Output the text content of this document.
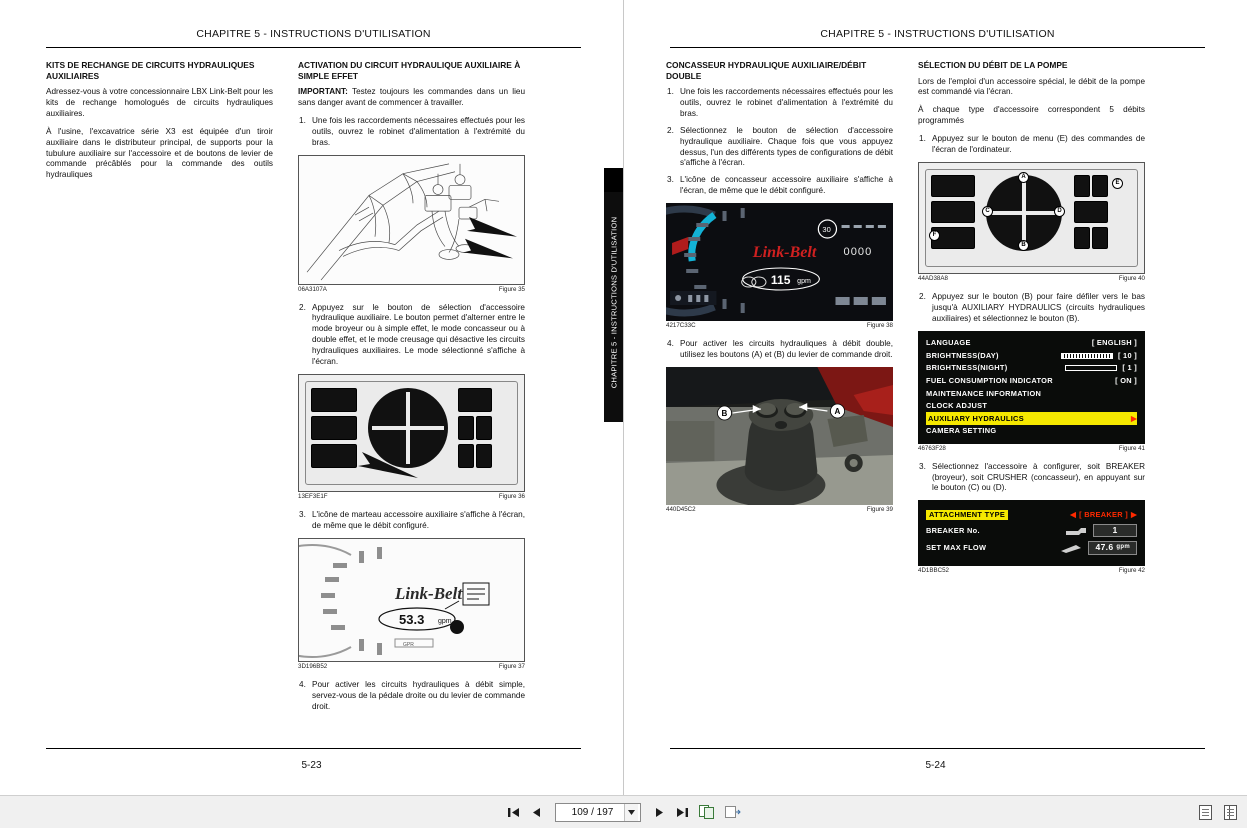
CHAPITRE 5 - INSTRUCTIONS D'UTILISATION
KITS DE RECHANGE DE CIRCUITS HYDRAULIQUES AUXILIAIRES

Adressez-vous à votre concessionnaire LBX Link-Belt pour les kits de rechange homologués de circuits hydrauliques auxiliaires.

À l'usine, l'excavatrice série X3 est équipée d'un tiroir auxiliaire dans le distributeur principal, de supports pour la tubulure auxiliaire sur l'accessoire et de boutons de levier de commande précâblés pour la commande des outils hydrauliques

ACTIVATION DU CIRCUIT HYDRAULIQUE AUXILIAIRE À SIMPLE EFFET

IMPORTANT: Testez toujours les commandes dans un lieu sans danger avant de commencer à travailler.

Une fois les raccordements nécessaires effectués pour les outils, ouvrez le robinet d'alimentation à l'extrémité du bras.
06A3107A	Figure 35
Appuyez sur le bouton de sélection d'accessoire hydraulique auxiliaire. Le bouton permet d'alterner entre le mode broyeur ou à simple effet, le mode concasseur ou à double effet, et le mode creusage qui désactive les circuits hydrauliques auxiliaires. Le mode sélectionné s'affiche à l'écran.
13EF3E1F	Figure 36
L'icône de marteau accessoire auxiliaire s'affiche à l'écran, de même que le débit configuré.
Link-Belt
53.3 gpm
GPR
3D196B52	Figure 37
Pour activer les circuits hydrauliques à débit simple, servez-vous de la pédale droite ou du levier de commande droit.
5-23
CHAPITRE 5 - INSTRUCTIONS D'UTILISATION
CHAPITRE 5 - INSTRUCTIONS D'UTILISATION
CONCASSEUR HYDRAULIQUE AUXILIAIRE/DÉBIT DOUBLE
Une fois les raccordements nécessaires effectués pour les outils, ouvrez le robinet d'alimentation à l'extrémité du bras.
Sélectionnez le bouton de sélection d'accessoire hydraulique auxiliaire. Chaque fois que vous appuyez dessus, l'un des différents types de configurations de débit s'affiche à l'écran.
L'icône de concasseur accessoire auxiliaire s'affiche à l'écran, de même que le débit configuré.
Link-Belt
115 gpm
30
0000
4217C33C	Figure 38
Pour activer les circuits hydrauliques à débit double, utilisez les boutons (A) et (B) du levier de commande droit.
B	A
440D45C2	Figure 39
SÉLECTION DU DÉBIT DE LA POMPE

Lors de l'emploi d'un accessoire spécial, le débit de la pompe est commandé via l'écran.

À chaque type d'accessoire correspondent 5 débits programmés

Appuyez sur le bouton de menu (E) des commandes de l'écran de l'ordinateur.
A
B
C	D
E
F
44AD38A8	Figure 40
Appuyez sur le bouton (B) pour faire défiler vers le bas jusqu'à AUXILIARY HYDRAULICS (circuits hydrauliques auxiliaires) et sélectionnez le bouton (B).
LANGUAGE	[ ENGLISH ]
BRIGHTNESS(DAY)	[ 10 ]
BRIGHTNESS(NIGHT)	[ 1 ]
FUEL CONSUMPTION INDICATOR	[ ON ]
MAINTENANCE INFORMATION
CLOCK ADJUST
AUXILIARY HYDRAULICS	▶
CAMERA SETTING
46763F28	Figure 41
Sélectionnez l'accessoire à configurer, soit BREAKER (broyeur), soit CRUSHER (concasseur), en appuyant sur le bouton (C) ou (D).
ATTACHMENT TYPE	◀ [ BREAKER ] ▶
BREAKER No.	1
SET MAX FLOW	47.6 gpm
4D1BBC52	Figure 42
5-24
109 / 197
